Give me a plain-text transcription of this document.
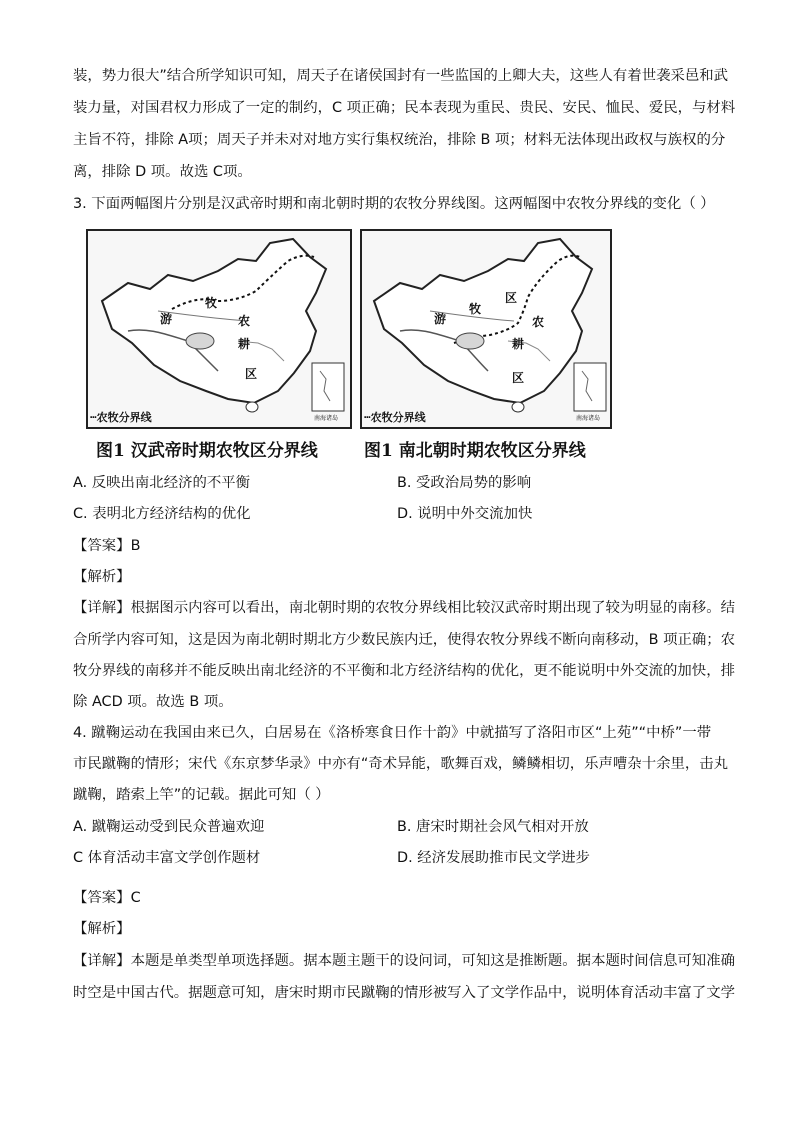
装，势力很大”结合所学知识可知，周天子在诸侯国封有一些监国的上卿大夫，这些人有着世袭采邑和武
装力量，对国君权力形成了一定的制约，C 项正确；民本表现为重民、贵民、安民、恤民、爱民，与材料
主旨不符，排除 A项；周天子并未对对地方实行集权统治，排除 B 项；材料无法体现出政权与族权的分
离，排除 D 项。故选 C项。
3. 下面两幅图片分别是汉武帝时期和南北朝时期的农牧分界线图。这两幅图中农牧分界线的变化（ ）
牧
游	农
耕
区
南海诸岛
┅农牧分界线
牧
游
区
农
耕
区
南海诸岛
┅农牧分界线
图1 汉武帝时期农牧区分界线	图1 南北朝时期农牧区分界线
A. 反映出南北经济的不平衡	B. 受政治局势的影响
C. 表明北方经济结构的优化	D. 说明中外交流加快
【答案】B
【解析】
【详解】根据图示内容可以看出，南北朝时期的农牧分界线相比较汉武帝时期出现了较为明显的南移。结
合所学内容可知，这是因为南北朝时期北方少数民族内迁，使得农牧分界线不断向南移动，B 项正确；农
牧分界线的南移并不能反映出南北经济的不平衡和北方经济结构的优化，更不能说明中外交流的加快，排
除 ACD 项。故选 B 项。
4. 蹴鞠运动在我国由来已久，白居易在《洛桥寒食日作十韵》中就描写了洛阳市区“上苑”“中桥”一带
市民蹴鞠的情形；宋代《东京梦华录》中亦有“奇术异能，歌舞百戏，鳞鳞相切，乐声嘈杂十余里，击丸
蹴鞠，踏索上竿”的记载。据此可知（ ）
A. 蹴鞠运动受到民众普遍欢迎	B. 唐宋时期社会风气相对开放
C 体育活动丰富文学创作题材	D. 经济发展助推市民文学进步
【答案】C
【解析】
【详解】本题是单类型单项选择题。据本题主题干的设问词，可知这是推断题。据本题时间信息可知准确
时空是中国古代。据题意可知，唐宋时期市民蹴鞠的情形被写入了文学作品中，说明体育活动丰富了文学
